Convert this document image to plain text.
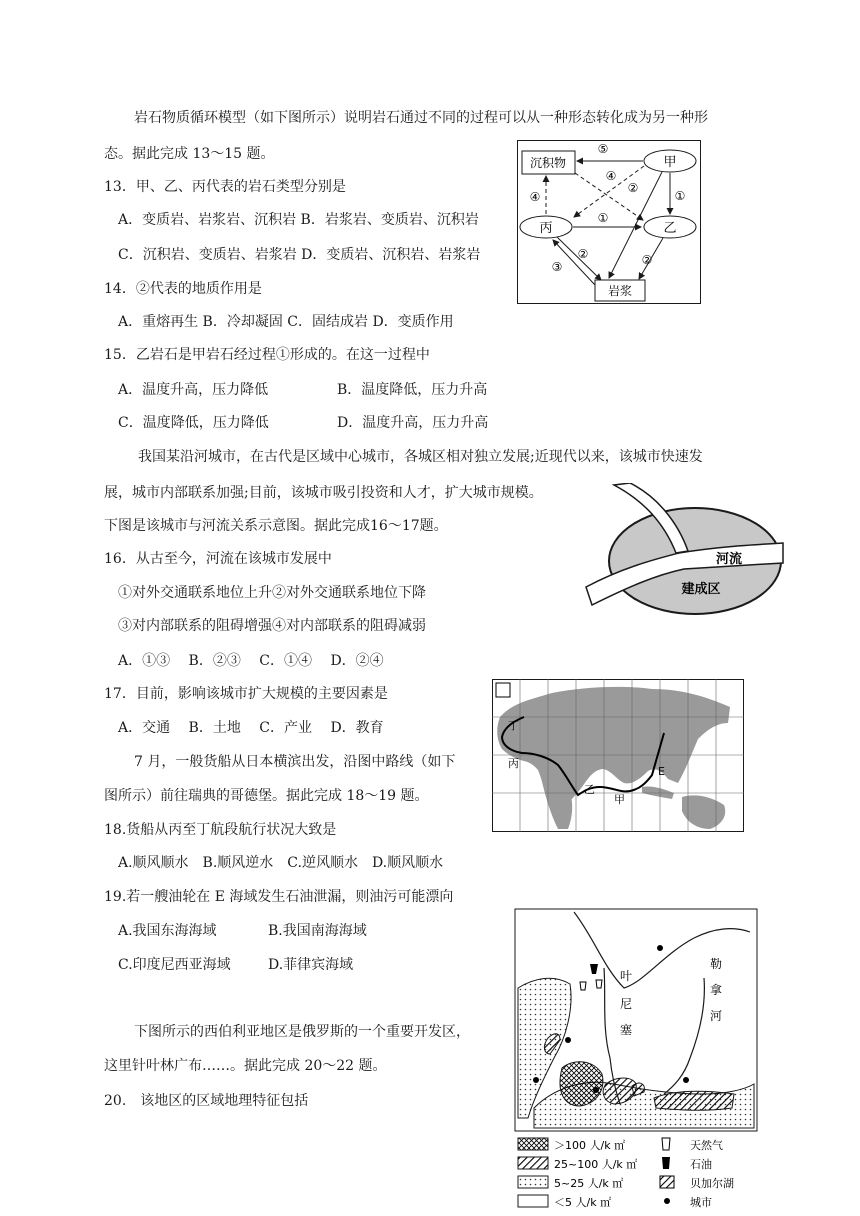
岩石物质循环模型（如下图所示）说明岩石通过不同的过程可以从一种形态转化成为另一种形
态。据此完成 13～15 题。
13．甲、乙、丙代表的岩石类型分别是
A．变质岩、岩浆岩、沉积岩 B．岩浆岩、变质岩、沉积岩
C．沉积岩、变质岩、岩浆岩 D．变质岩、沉积岩、岩浆岩
14．②代表的地质作用是
A．重熔再生 B．冷却凝固 C．固结成岩 D．变质作用
15．乙岩石是甲岩石经过程①形成的。在这一过程中
A．温度升高，压力降低	B．温度降低，压力升高
C．温度降低，压力降低	D．温度升高，压力升高
沉积物	甲
丙	乙
岩浆
⑤
④
②
①
④
①
②
③	②
我国某沿河城市，在古代是区域中心城市，各城区相对独立发展;近现代以来，该城市快速发
展，城市内部联系加强;目前，该城市吸引投资和人才，扩大城市规模。
下图是该城市与河流关系示意图。据此完成16～17题。
16．从古至今，河流在该城市发展中
①对外交通联系地位上升②对外交通联系地位下降
③对内部联系的阻碍增强④对内部联系的阻碍减弱
A．①③　 B．②③　 C．①④　 D．②④
17．目前，影响该城市扩大规模的主要因素是
A．交通　 B．土地　 C．产业　 D．教育
河流
建成区
7 月，一般货船从日本横滨出发，沿图中路线（如下
图所示）前往瑞典的哥德堡。据此完成 18～19 题。
18.货船从丙至丁航段航行状况大致是
A.顺风顺水　B.顺风逆水　C.逆风顺水　D.顺风顺水
19.若一艘油轮在 E 海域发生石油泄漏，则油污可能漂向
A.我国东海海域	B.我国南海海域
C.印度尼西亚海域	D.菲律宾海域
丁
丙
乙
甲
E
下图所示的西伯利亚地区是俄罗斯的一个重要开发区，
这里针叶林广布……。据此完成 20～22 题。
20.　该地区的区域地理特征包括
叶
尼
塞
勒
拿
河
＞100 人/k ㎡
25~100 人/k ㎡
5~25 人/k ㎡
＜5 人/k ㎡
天然气
石油
贝加尔湖
城市
